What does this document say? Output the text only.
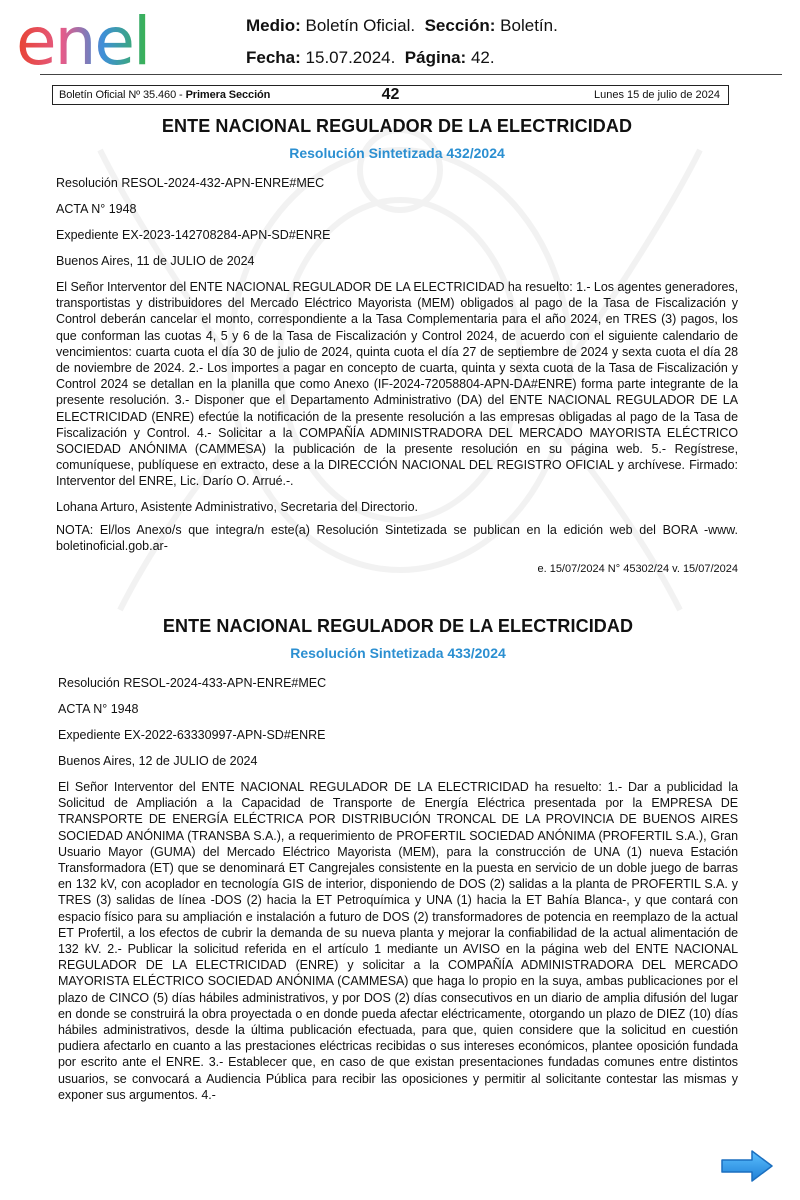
enel	Medio: Boletín Oficial. Sección: Boletín.
Fecha: 15.07.2024. Página: 42.
Boletín Oficial Nº 35.460 - Primera Sección	42	Lunes 15 de julio de 2024
ENTE NACIONAL REGULADOR DE LA ELECTRICIDAD
Resolución Sintetizada 432/2024
Resolución RESOL-2024-432-APN-ENRE#MEC
ACTA N° 1948
Expediente EX-2023-142708284-APN-SD#ENRE
Buenos Aires, 11 de JULIO de 2024
El Señor Interventor del ENTE NACIONAL REGULADOR DE LA ELECTRICIDAD ha resuelto: 1.- Los agentes generadores, transportistas y distribuidores del Mercado Eléctrico Mayorista (MEM) obligados al pago de la Tasa de Fiscalización y Control deberán cancelar el monto, correspondiente a la Tasa Complementaria para el año 2024, en TRES (3) pagos, los que conforman las cuotas 4, 5 y 6 de la Tasa de Fiscalización y Control 2024, de acuerdo con el siguiente calendario de vencimientos: cuarta cuota el día 30 de julio de 2024, quinta cuota el día 27 de septiembre de 2024 y sexta cuota el día 28 de noviembre de 2024. 2.- Los importes a pagar en concepto de cuarta, quinta y sexta cuota de la Tasa de Fiscalización y Control 2024 se detallan en la planilla que como Anexo (IF-2024-72058804-APN-DA#ENRE) forma parte integrante de la presente resolución. 3.- Disponer que el Departamento Administrativo (DA) del ENTE NACIONAL REGULADOR DE LA ELECTRICIDAD (ENRE) efectúe la notificación de la presente resolución a las empresas obligadas al pago de la Tasa de Fiscalización y Control. 4.- Solicitar a la COMPAÑÍA ADMINISTRADORA DEL MERCADO MAYORISTA ELÉCTRICO SOCIEDAD ANÓNIMA (CAMMESA) la publicación de la presente resolución en su página web. 5.- Regístrese, comuníquese, publíquese en extracto, dese a la DIRECCIÓN NACIONAL DEL REGISTRO OFICIAL y archívese. Firmado: Interventor del ENRE, Lic. Darío O. Arrué.-.
Lohana Arturo, Asistente Administrativo, Secretaria del Directorio.
NOTA: El/los Anexo/s que integra/n este(a) Resolución Sintetizada se publican en la edición web del BORA -www. boletinoficial.gob.ar-
e. 15/07/2024 N° 45302/24 v. 15/07/2024
ENTE NACIONAL REGULADOR DE LA ELECTRICIDAD
Resolución Sintetizada 433/2024
Resolución RESOL-2024-433-APN-ENRE#MEC
ACTA N° 1948
Expediente EX-2022-63330997-APN-SD#ENRE
Buenos Aires, 12 de JULIO de 2024
El Señor Interventor del ENTE NACIONAL REGULADOR DE LA ELECTRICIDAD ha resuelto: 1.- Dar a publicidad la Solicitud de Ampliación a la Capacidad de Transporte de Energía Eléctrica presentada por la EMPRESA DE TRANSPORTE DE ENERGÍA ELÉCTRICA POR DISTRIBUCIÓN TRONCAL DE LA PROVINCIA DE BUENOS AIRES SOCIEDAD ANÓNIMA (TRANSBA S.A.), a requerimiento de PROFERTIL SOCIEDAD ANÓNIMA (PROFERTIL S.A.), Gran Usuario Mayor (GUMA) del Mercado Eléctrico Mayorista (MEM), para la construcción de UNA (1) nueva Estación Transformadora (ET) que se denominará ET Cangrejales consistente en la puesta en servicio de un doble juego de barras en 132 kV, con acoplador en tecnología GIS de interior, disponiendo de DOS (2) salidas a la planta de PROFERTIL S.A. y TRES (3) salidas de línea -DOS (2) hacia la ET Petroquímica y UNA (1) hacia la ET Bahía Blanca-, y que contará con espacio físico para su ampliación e instalación a futuro de DOS (2) transformadores de potencia en reemplazo de la actual ET Profertil, a los efectos de cubrir la demanda de su nueva planta y mejorar la confiabilidad de la actual alimentación de 132 kV. 2.- Publicar la solicitud referida en el artículo 1 mediante un AVISO en la página web del ENTE NACIONAL REGULADOR DE LA ELECTRICIDAD (ENRE) y solicitar a la COMPAÑÍA ADMINISTRADORA DEL MERCADO MAYORISTA ELÉCTRICO SOCIEDAD ANÓNIMA (CAMMESA) que haga lo propio en la suya, ambas publicaciones por el plazo de CINCO (5) días hábiles administrativos, y por DOS (2) días consecutivos en un diario de amplia difusión del lugar en donde se construirá la obra proyectada o en donde pueda afectar eléctricamente, otorgando un plazo de DIEZ (10) días hábiles administrativos, desde la última publicación efectuada, para que, quien considere que la solicitud en cuestión pudiera afectarlo en cuanto a las prestaciones eléctricas recibidas o sus intereses económicos, plantee oposición fundada por escrito ante el ENRE. 3.- Establecer que, en caso de que existan presentaciones fundadas comunes entre distintos usuarios, se convocará a Audiencia Pública para recibir las oposiciones y permitir al solicitante contestar las mismas y exponer sus argumentos. 4.-
